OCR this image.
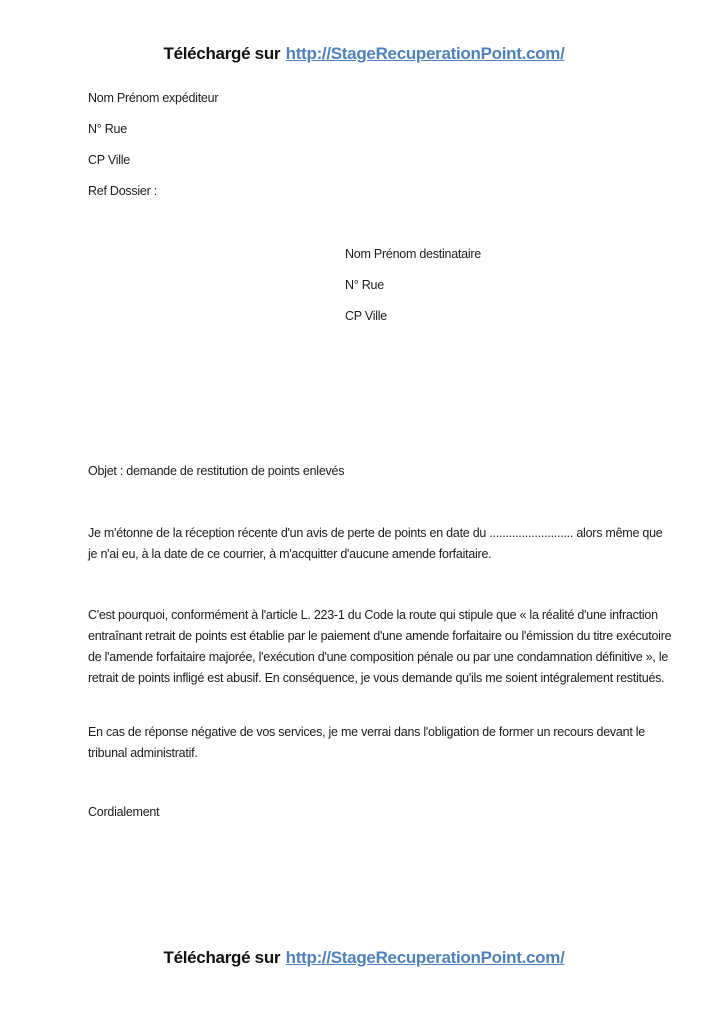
Téléchargé sur http://StageRecuperationPoint.com/

Nom Prénom expéditeur

N° Rue

CP Ville

Ref Dossier :

Nom Prénom destinataire

N° Rue

CP Ville

Objet : demande de restitution de points enlevés

Je m'étonne de la réception récente d'un avis de perte de points en date du .......................... alors même que je n'ai eu, à la date de ce courrier, à m'acquitter d'aucune amende forfaitaire.

C'est pourquoi, conformément à l'article L. 223-1 du Code la route qui stipule que « la réalité d'une infraction entraînant retrait de points est établie par le paiement d'une amende forfaitaire ou l'émission du titre exécutoire de l'amende forfaitaire majorée, l'exécution d'une composition pénale ou par une condamnation définitive », le retrait de points infligé est abusif. En conséquence, je vous demande qu'ils me soient intégralement restitués.

En cas de réponse négative de vos services, je me verrai dans l'obligation de former un recours devant le tribunal administratif.

Cordialement

Téléchargé sur http://StageRecuperationPoint.com/
